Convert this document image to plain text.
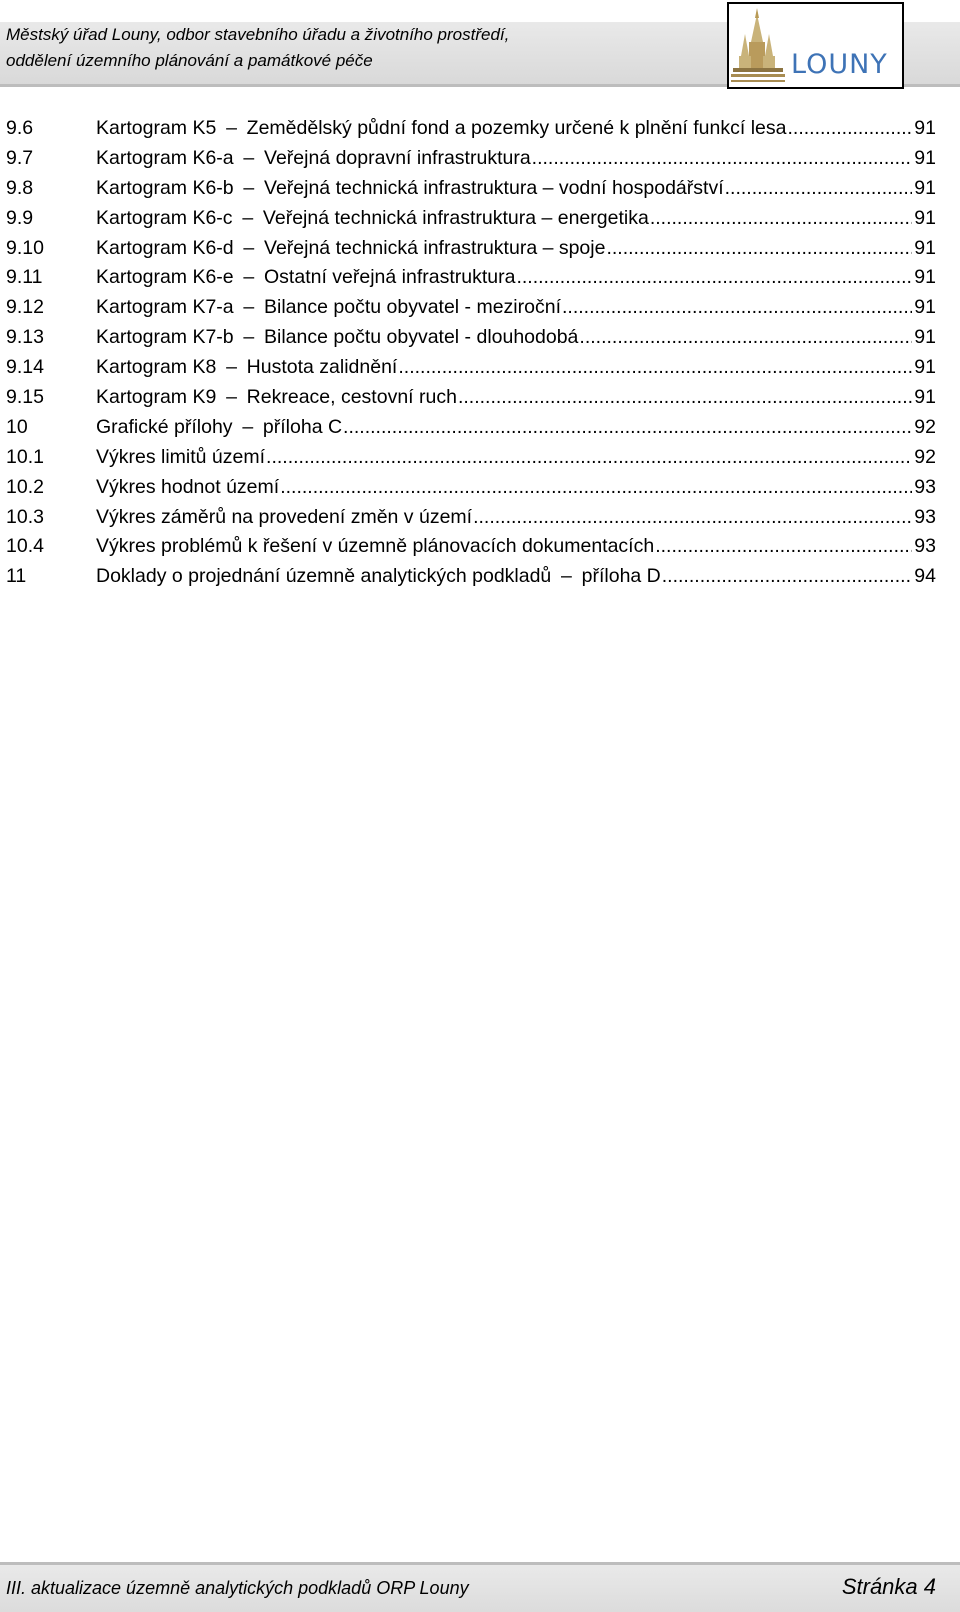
Městský úřad Louny, odbor stavebního úřadu a životního prostředí,
oddělení územního plánování a památkové péče	LOUNY
9.6	Kartogram K5  –  Zemědělský půdní fond a pozemky určené k plnění funkcí lesa .....	91
9.7	Kartogram K6-a  –  Veřejná dopravní infrastruktura .....	91
9.8	Kartogram K6-b  –  Veřejná technická infrastruktura – vodní hospodářství .....	91
9.9	Kartogram K6-c  –  Veřejná technická infrastruktura – energetika .....	91
9.10	Kartogram K6-d  –  Veřejná technická infrastruktura – spoje .....	91
9.11	Kartogram K6-e  –  Ostatní veřejná infrastruktura .....	91
9.12	Kartogram K7-a  –  Bilance počtu obyvatel - meziroční .....	91
9.13	Kartogram K7-b  –  Bilance počtu obyvatel - dlouhodobá .....	91
9.14	Kartogram K8  –  Hustota zalidnění .....	91
9.15	Kartogram K9  –  Rekreace, cestovní ruch .....	91
10	Grafické přílohy  –  příloha C .....	92
10.1	Výkres limitů území .....	92
10.2	Výkres hodnot území .....	93
10.3	Výkres záměrů na provedení změn v území .....	93
10.4	Výkres problémů k řešení v územně plánovacích dokumentacích .....	93
11	Doklady o projednání územně analytických podkladů  –  příloha D .....	94
III. aktualizace územně analytických podkladů ORP Louny	Stránka 4
